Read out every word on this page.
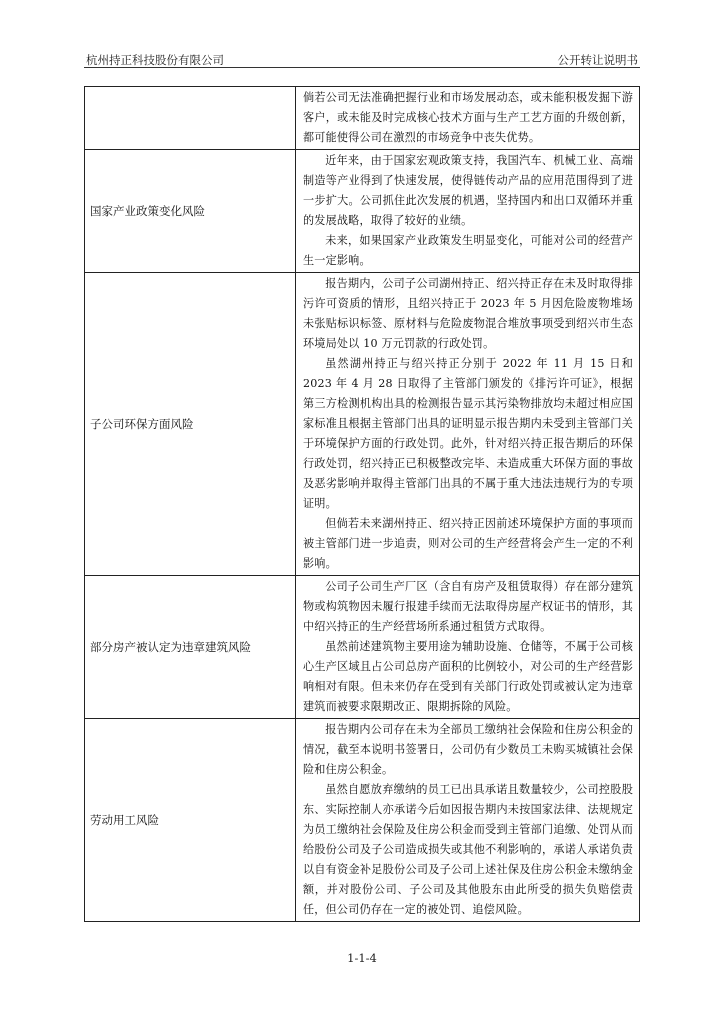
杭州持正科技股份有限公司	公开转让说明书

	倘若公司无法准确把握行业和市场发展动态，或未能积极发掘下游客户，或未能及时完成核心技术方面与生产工艺方面的升级创新，都可能使得公司在激烈的市场竞争中丧失优势。

国家产业政策变化风险	近年来，由于国家宏观政策支持，我国汽车、机械工业、高端制造等产业得到了快速发展，使得链传动产品的应用范围得到了进一步扩大。公司抓住此次发展的机遇，坚持国内和出口双循环并重的发展战略，取得了较好的业绩。

未来，如果国家产业政策发生明显变化，可能对公司的经营产生一定影响。

子公司环保方面风险	报告期内，公司子公司湖州持正、绍兴持正存在未及时取得排污许可资质的情形，且绍兴持正于 2023 年 5 月因危险废物堆场未张贴标识标签、原材料与危险废物混合堆放事项受到绍兴市生态环境局处以 10 万元罚款的行政处罚。

虽然湖州持正与绍兴持正分别于 2022 年 11 月 15 日和 2023 年 4 月 28 日取得了主管部门颁发的《排污许可证》，根据第三方检测机构出具的检测报告显示其污染物排放均未超过相应国家标准且根据主管部门出具的证明显示报告期内未受到主管部门关于环境保护方面的行政处罚。此外，针对绍兴持正报告期后的环保行政处罚，绍兴持正已积极整改完毕、未造成重大环保方面的事故及恶劣影响并取得主管部门出具的不属于重大违法违规行为的专项证明。

但倘若未来湖州持正、绍兴持正因前述环境保护方面的事项而被主管部门进一步追责，则对公司的生产经营将会产生一定的不利影响。

部分房产被认定为违章建筑风险	公司子公司生产厂区（含自有房产及租赁取得）存在部分建筑物或构筑物因未履行报建手续而无法取得房屋产权证书的情形，其中绍兴持正的生产经营场所系通过租赁方式取得。

虽然前述建筑物主要用途为辅助设施、仓储等，不属于公司核心生产区域且占公司总房产面积的比例较小，对公司的生产经营影响相对有限。但未来仍存在受到有关部门行政处罚或被认定为违章建筑而被要求限期改正、限期拆除的风险。

劳动用工风险	报告期内公司存在未为全部员工缴纳社会保险和住房公积金的情况，截至本说明书签署日，公司仍有少数员工未购买城镇社会保险和住房公积金。

虽然自愿放弃缴纳的员工已出具承诺且数量较少，公司控股股东、实际控制人亦承诺今后如因报告期内未按国家法律、法规规定为员工缴纳社会保险及住房公积金而受到主管部门追缴、处罚从而给股份公司及子公司造成损失或其他不利影响的，承诺人承诺负责以自有资金补足股份公司及子公司上述社保及住房公积金未缴纳金额，并对股份公司、子公司及其他股东由此所受的损失负赔偿责任，但公司仍存在一定的被处罚、追偿风险。

1-1-4
